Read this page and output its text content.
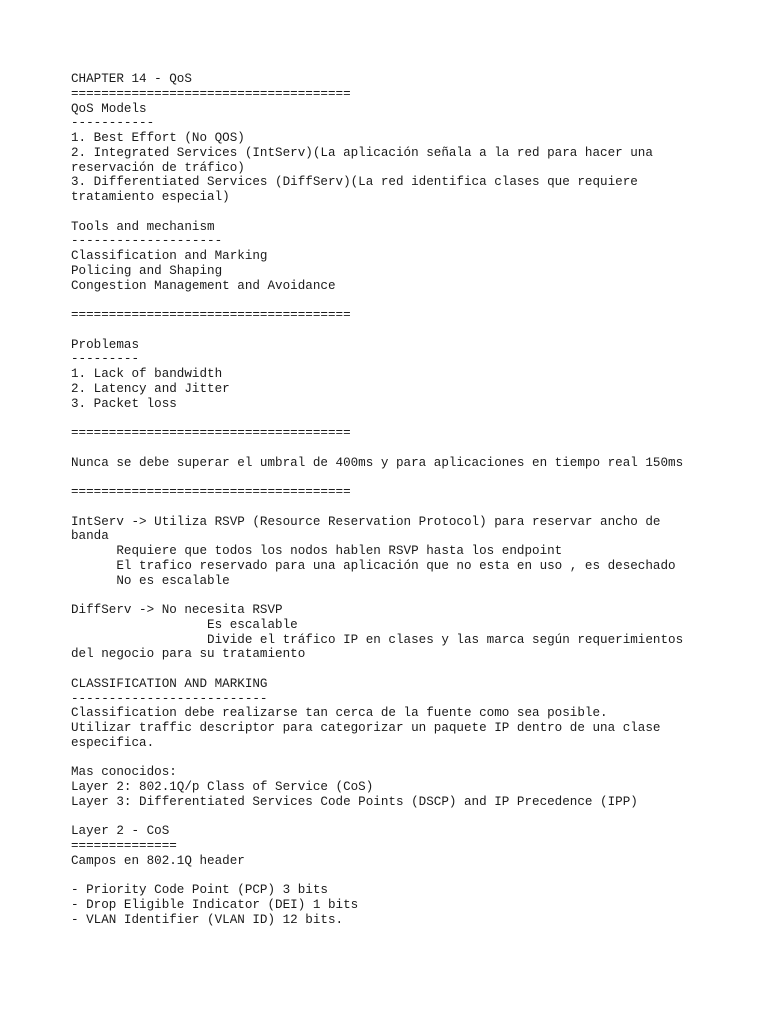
CHAPTER 14 - QoS
=====================================
QoS Models
-----------
1. Best Effort (No QOS)
2. Integrated Services (IntServ)(La aplicación señala a la red para hacer una
reservación de tráfico)
3. Differentiated Services (DiffServ)(La red identifica clases que requiere
tratamiento especial)
Tools and mechanism
--------------------
Classification and Marking
Policing and Shaping
Congestion Management and Avoidance
=====================================
Problemas
---------
1. Lack of bandwidth
2. Latency and Jitter
3. Packet loss
=====================================
Nunca se debe superar el umbral de 400ms y para aplicaciones en tiempo real 150ms
=====================================
IntServ -> Utiliza RSVP (Resource Reservation Protocol) para reservar ancho de
banda
Requiere que todos los nodos hablen RSVP hasta los endpoint
El trafico reservado para una aplicación que no esta en uso , es desechado
No es escalable
DiffServ -> No necesita RSVP
Es escalable
Divide el tráfico IP en clases y las marca según requerimientos
del negocio para su tratamiento
CLASSIFICATION AND MARKING
--------------------------
Classification debe realizarse tan cerca de la fuente como sea posible.
Utilizar traffic descriptor para categorizar un paquete IP dentro de una clase
especifica.
Mas conocidos:
Layer 2: 802.1Q/p Class of Service (CoS)
Layer 3: Differentiated Services Code Points (DSCP) and IP Precedence (IPP)
Layer 2 - CoS
==============
Campos en 802.1Q header
- Priority Code Point (PCP) 3 bits
- Drop Eligible Indicator (DEI) 1 bits
- VLAN Identifier (VLAN ID) 12 bits.
